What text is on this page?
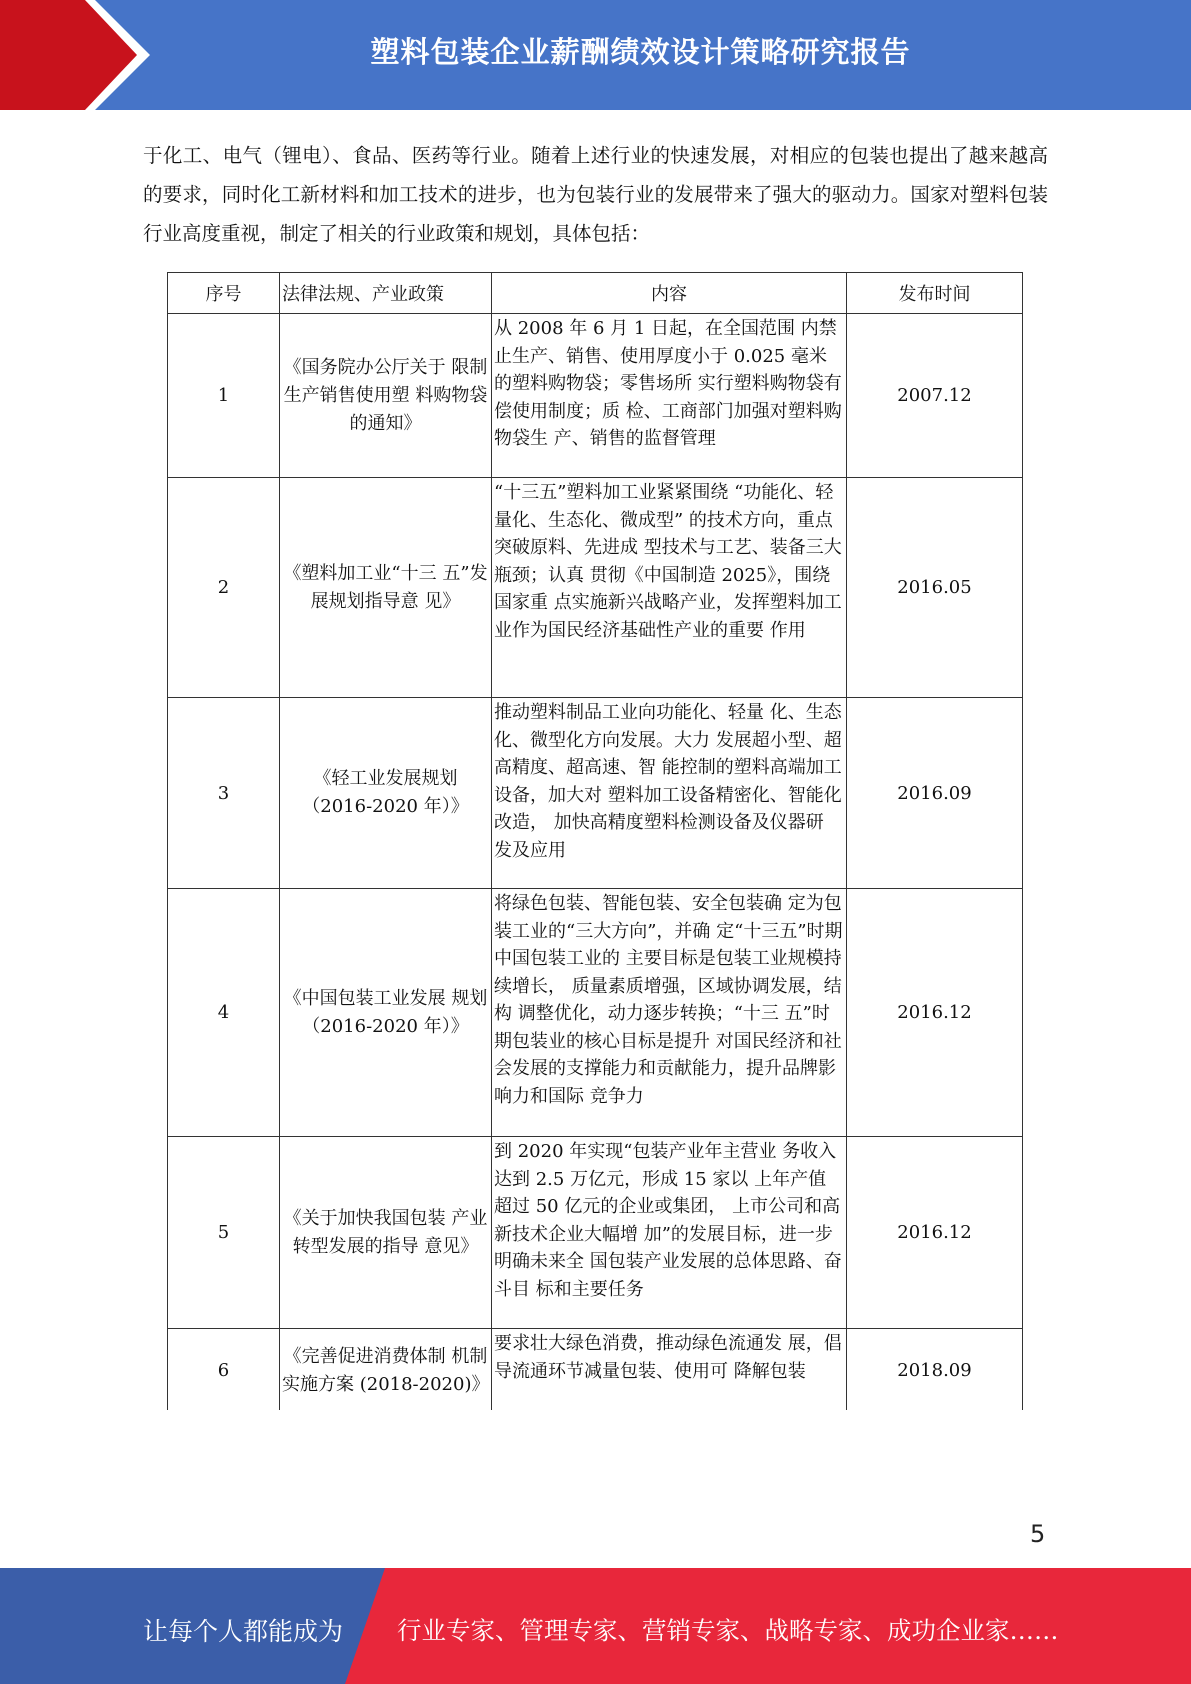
塑料包装企业薪酬绩效设计策略研究报告

于化工、电气（锂电）、食品、医药等行业。随着上述行业的快速发展，对相应的包装也提出了越来越高的要求，同时化工新材料和加工技术的进步，也为包装行业的发展带来了强大的驱动力。国家对塑料包装行业高度重视，制定了相关的行业政策和规划，具体包括：

序号	法律法规、产业政策	内容	发布时间
1	《国务院办公厅关于 限制生产销售使用塑 料购物袋的通知》	从 2008 年 6 月 1 日起，在全国范围 内禁止生产、销售、使用厚度小于 0.025 毫米的塑料购物袋；零售场所 实行塑料购物袋有偿使用制度；质 检、工商部门加强对塑料购物袋生 产、销售的监督管理	2007.12
2	《塑料加工业“十三 五”发展规划指导意 见》	“十三五”塑料加工业紧紧围绕 “功能化、轻量化、生态化、微成型” 的技术方向，重点突破原料、先进成 型技术与工艺、装备三大瓶颈；认真 贯彻《中国制造 2025》，围绕国家重 点实施新兴战略产业，发挥塑料加工 业作为国民经济基础性产业的重要 作用	2016.05
3	《轻工业发展规划 （2016-2020 年）》	推动塑料制品工业向功能化、轻量 化、生态化、微型化方向发展。大力 发展超小型、超高精度、超高速、智 能控制的塑料高端加工设备，加大对 塑料加工设备精密化、智能化改造， 加快高精度塑料检测设备及仪器研 发及应用	2016.09
4	《中国包装工业发展 规划（2016-2020 年）》	将绿色包装、智能包装、安全包装确 定为包装工业的“三大方向”，并确 定“十三五”时期中国包装工业的 主要目标是包装工业规模持续增长， 质量素质增强，区域协调发展，结构 调整优化，动力逐步转换；“十三 五”时期包装业的核心目标是提升 对国民经济和社会发展的支撑能力和贡献能力，提升品牌影响力和国际 竞争力	2016.12
5	《关于加快我国包装 产业转型发展的指导 意见》	到 2020 年实现“包装产业年主营业 务收入达到 2.5 万亿元，形成 15 家以 上年产值超过 50 亿元的企业或集团， 上市公司和高新技术企业大幅增 加”的发展目标，进一步明确未来全 国包装产业发展的总体思路、奋斗目 标和主要任务	2016.12
6	《完善促进消费体制 机制实施方案 (2018-2020)》	要求壮大绿色消费，推动绿色流通发 展，倡导流通环节减量包装、使用可 降解包装	2018.09
5
让每个人都能成为 行业专家、管理专家、营销专家、战略专家、成功企业家……
